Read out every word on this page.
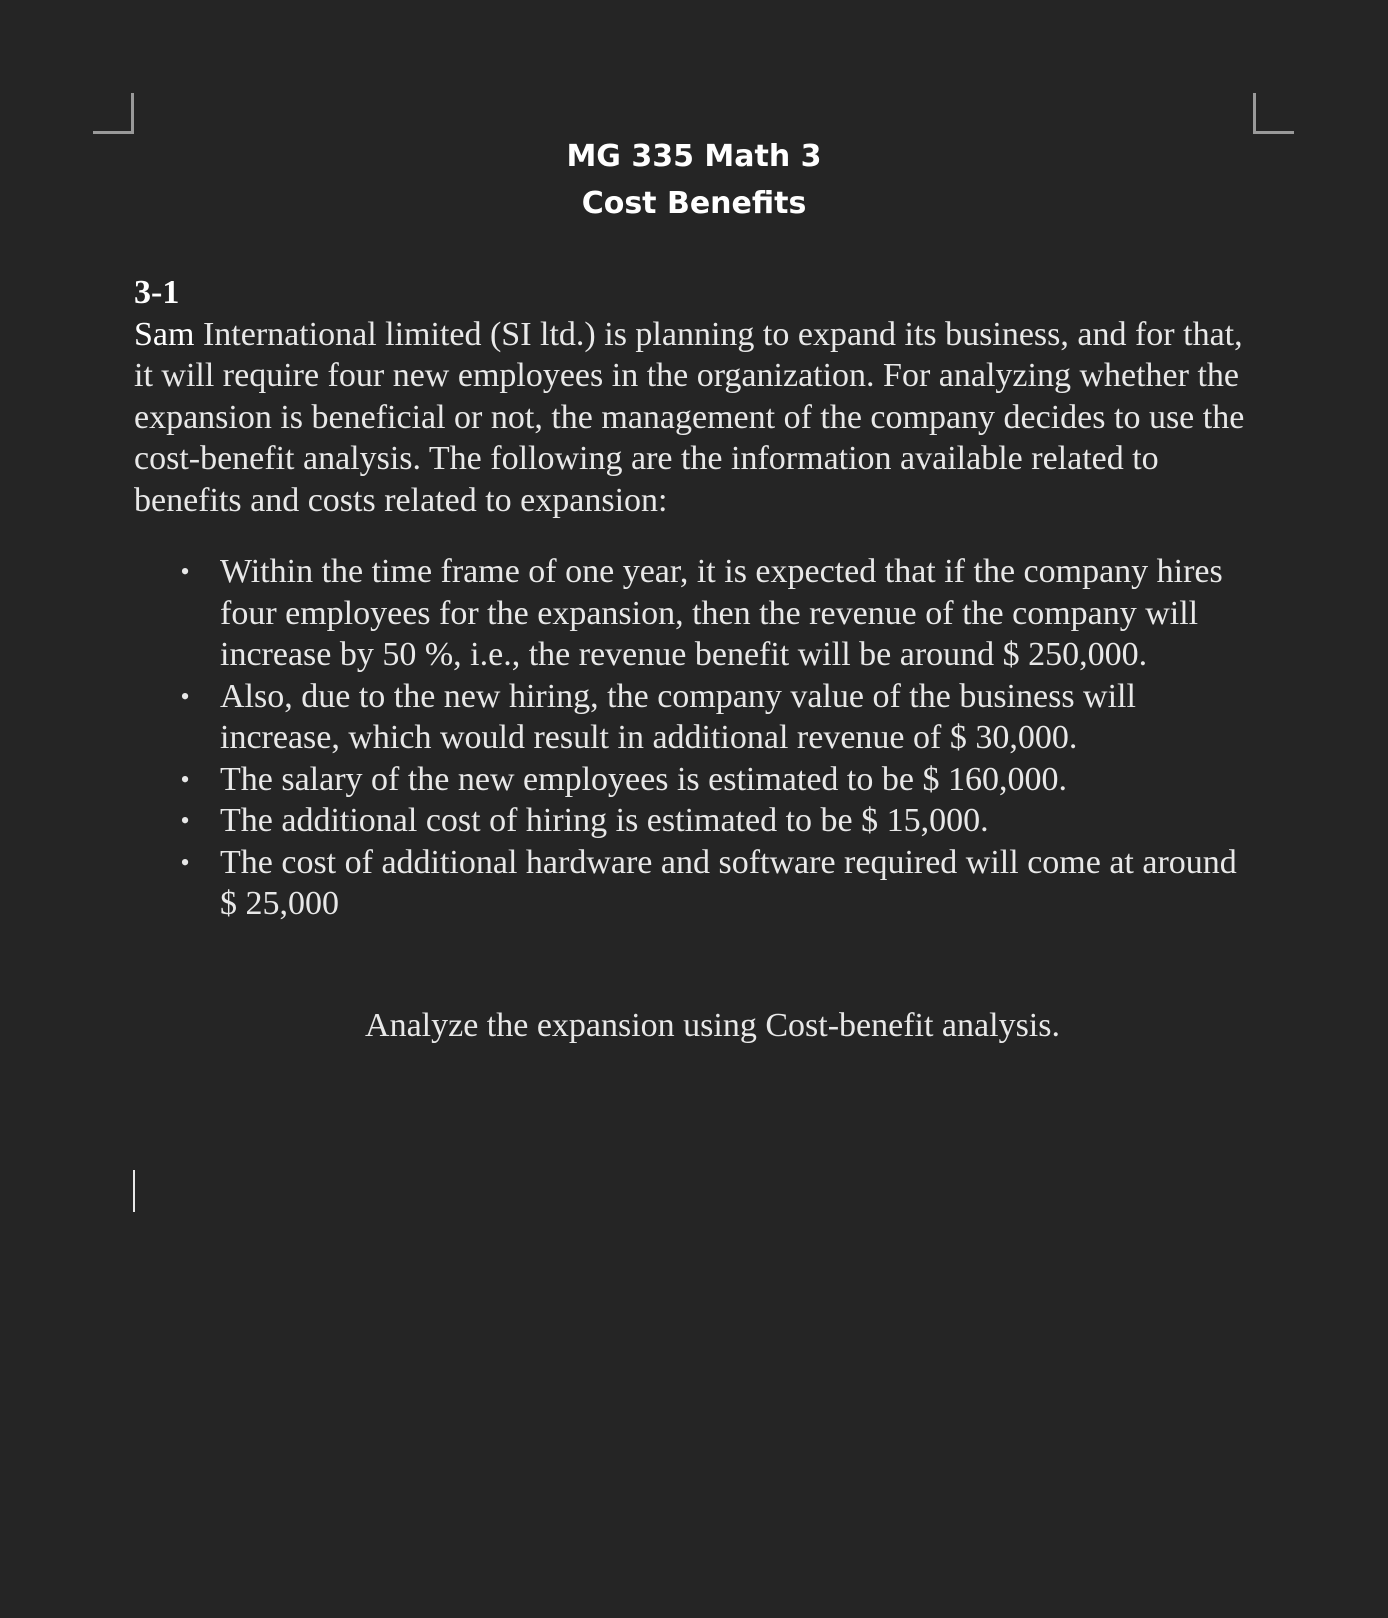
MG 335 Math 3
Cost Benefits

3-1

Sam International limited (SI ltd.) is planning to expand its business, and for that, it will require four new employees in the organization. For analyzing whether the expansion is beneficial or not, the management of the company decides to use the cost-benefit analysis. The following are the information available related to benefits and costs related to expansion:

• Within the time frame of one year, it is expected that if the company hires four employees for the expansion, then the revenue of the company will increase by 50 %, i.e., the revenue benefit will be around $ 250,000.
• Also, due to the new hiring, the company value of the business will increase, which would result in additional revenue of $ 30,000.
• The salary of the new employees is estimated to be $ 160,000.
• The additional cost of hiring is estimated to be $ 15,000.
• The cost of additional hardware and software required will come at around $ 25,000
Analyze the expansion using Cost-benefit analysis.
